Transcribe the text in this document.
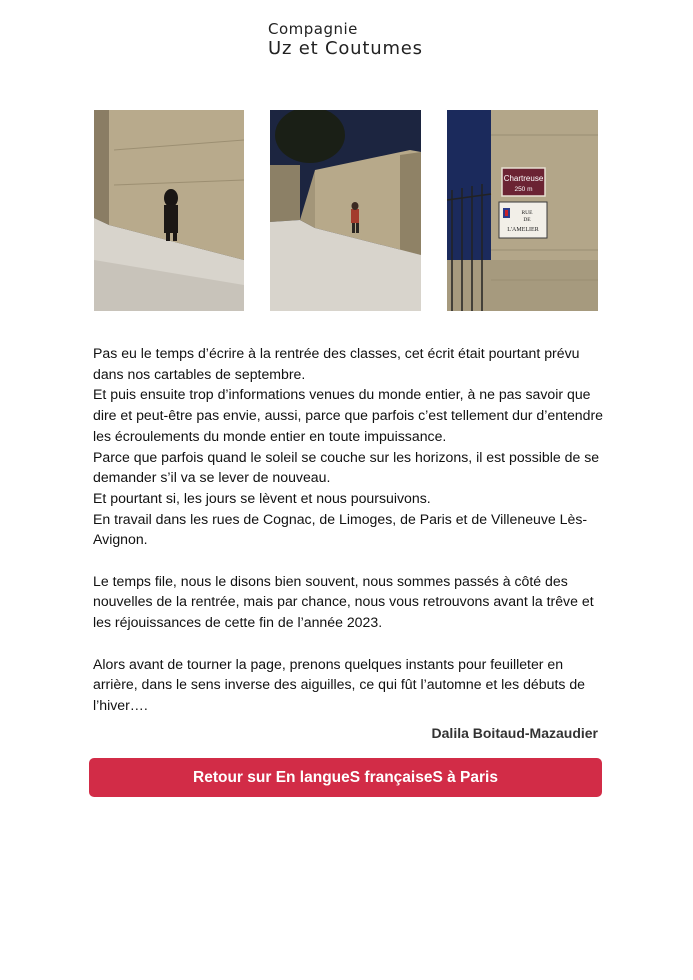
Compagnie
Uz et Coutumes
Chartreuse
250 m
RUE
DE
L'AMELIER

Pas eu le temps d’écrire à la rentrée des classes, cet écrit était pourtant prévu dans nos cartables de septembre.

Et puis ensuite trop d’informations venues du monde entier, à ne pas savoir que dire et peut-être pas envie, aussi, parce que parfois c’est tellement dur d’entendre les écroulements du monde entier en toute impuissance.

Parce que parfois quand le soleil se couche sur les horizons, il est possible de se demander s’il va se lever de nouveau.

Et pourtant si, les jours se lèvent et nous poursuivons.

En travail dans les rues de Cognac, de Limoges, de Paris et de Villeneuve Lès-Avignon.

Le temps file, nous le disons bien souvent, nous sommes passés à côté des nouvelles de la rentrée, mais par chance, nous vous retrouvons avant la trêve et les réjouissances de cette fin de l’année 2023.

Alors avant de tourner la page, prenons quelques instants pour feuilleter en arrière, dans le sens inverse des aiguilles, ce qui fût l’automne et les débuts de l’hiver….

Dalila Boitaud-Mazaudier
Retour sur En langueS françaiseS à Paris
